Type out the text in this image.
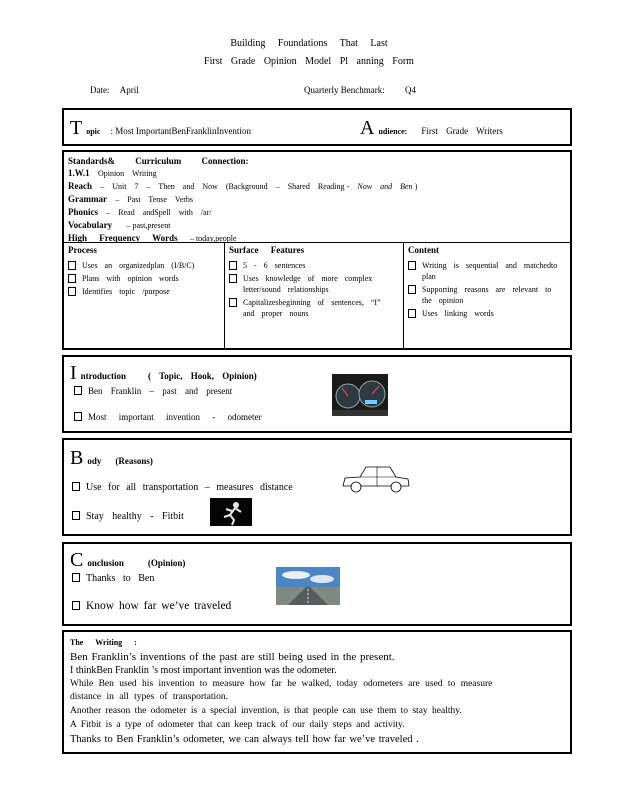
Building Foundations That Last
First Grade Opinion Model Pl anning Form
Date: April	Quarterly Benchmark: Q4
T opic : Most ImportantBenFranklinInvention	A udience: First Grade Writers
Standards& Curriculum Connection:
1.W.1 Opinion Writing
Reach – Unit 7 – Then and Now (Background – Shared Reading - Now and Ben )
Grammar – Past Tense Verbs
Phonics – Read andSpell with /ar/
Vocabulary – past,present
High Frequency Words – today,people
Process
Uses an organizedplan (I/B/C)
Plans with opinion words
Identifies topic /purpose
Surface Features
5 - 6 sentences
Uses knowledge of more complex letter/sound relationships
Capitalizesbeginning of sentences, “I” and proper nouns
Content
Writing is sequential and matchedto plan
Supporting reasons are relevant to the opinion
Uses linking words
I ntroduction ( Topic, Hook, Opinion)
Ben Franklin – past and present
Most important invention - odometer
B ody (Reasons)
Use for all transportation – measures distance
Stay healthy - Fitbit
C onclusion	(Opinion)
Thanks to Ben
Know how far we’ve traveled
The Writing :
Ben Franklin’s inventions of the past are still being used in the present.
I thinkBen Franklin ’s most important invention was the odometer.
While Ben used his invention to measure how far he walked, today odometers are used to measure
distance in all types of transportation.
Another reason the odometer is a special invention, is that people can use them to stay healthy.
A Fitbit is a type of odometer that can keep track of our daily steps and activity.
Thanks to Ben Franklin’s odometer, we can always tell how far we’ve traveled .
